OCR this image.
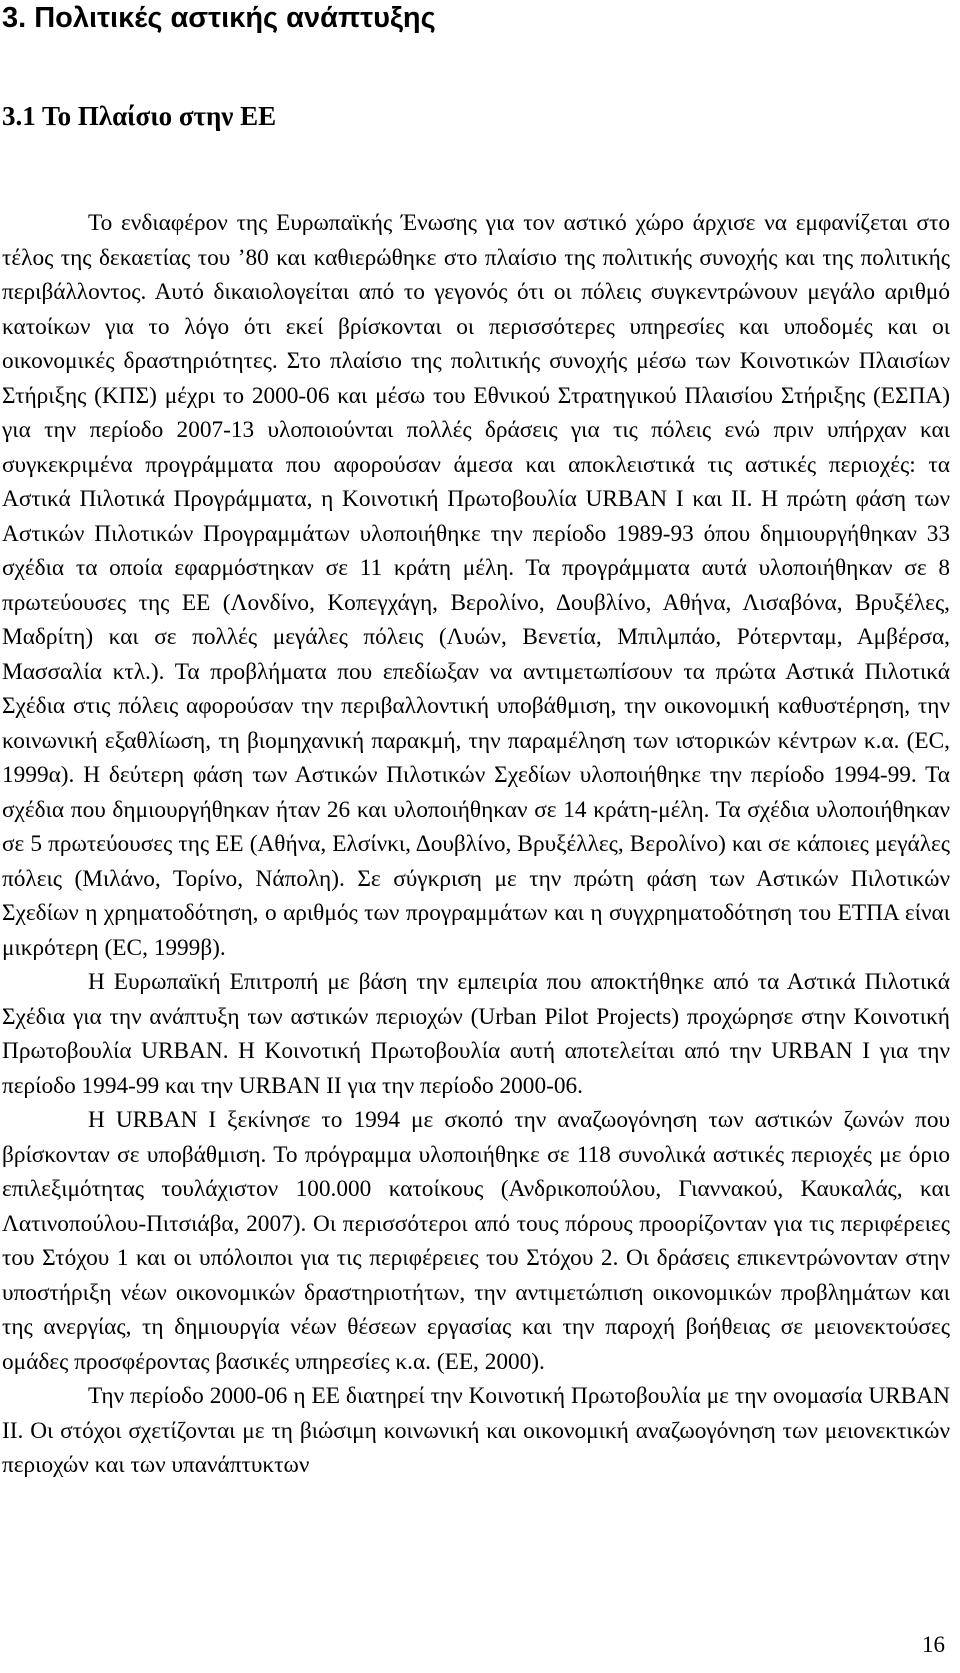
3. Πολιτικές αστικής ανάπτυξης
3.1 Το Πλαίσιο στην ΕΕ

Το ενδιαφέρον της Ευρωπαϊκής Ένωσης για τον αστικό χώρο άρχισε να εμφανίζεται στο τέλος της δεκαετίας του ’80 και καθιερώθηκε στο πλαίσιο της πολιτικής συνοχής και της πολιτικής περιβάλλοντος. Αυτό δικαιολογείται από το γεγονός ότι οι πόλεις συγκεντρώνουν μεγάλο αριθμό κατοίκων για το λόγο ότι εκεί βρίσκονται οι περισσότερες υπηρεσίες και υποδομές και οι οικονομικές δραστηριότητες. Στο πλαίσιο της πολιτικής συνοχής μέσω των Κοινοτικών Πλαισίων Στήριξης (ΚΠΣ) μέχρι το 2000-06 και μέσω του Εθνικού Στρατηγικού Πλαισίου Στήριξης (ΕΣΠΑ) για την περίοδο 2007-13 υλοποιούνται πολλές δράσεις για τις πόλεις ενώ πριν υπήρχαν και συγκεκριμένα προγράμματα που αφορούσαν άμεσα και αποκλειστικά τις αστικές περιοχές: τα Αστικά Πιλοτικά Προγράμματα, η Κοινοτική Πρωτοβουλία URBAN I και II. Η πρώτη φάση των Αστικών Πιλοτικών Προγραμμάτων υλοποιήθηκε την περίοδο 1989-93 όπου δημιουργήθηκαν 33 σχέδια τα οποία εφαρμόστηκαν σε 11 κράτη μέλη. Τα προγράμματα αυτά υλοποιήθηκαν σε 8 πρωτεύουσες της ΕΕ (Λονδίνο, Κοπεγχάγη, Βερολίνο, Δουβλίνο, Αθήνα, Λισαβόνα, Βρυξέλες, Μαδρίτη) και σε πολλές μεγάλες πόλεις (Λυών, Βενετία, Μπιλμπάο, Ρότερνταμ, Αμβέρσα, Μασσαλία κτλ.). Τα προβλήματα που επεδίωξαν να αντιμετωπίσουν τα πρώτα Αστικά Πιλοτικά Σχέδια στις πόλεις αφορούσαν την περιβαλλοντική υποβάθμιση, την οικονομική καθυστέρηση, την κοινωνική εξαθλίωση, τη βιομηχανική παρακμή, την παραμέληση των ιστορικών κέντρων κ.α. (EC, 1999α). Η δεύτερη φάση των Αστικών Πιλοτικών Σχεδίων υλοποιήθηκε την περίοδο 1994-99. Τα σχέδια που δημιουργήθηκαν ήταν 26 και υλοποιήθηκαν σε 14 κράτη-μέλη. Τα σχέδια υλοποιήθηκαν σε 5 πρωτεύουσες της ΕΕ (Αθήνα, Ελσίνκι, Δουβλίνο, Βρυξέλλες, Βερολίνο) και σε κάποιες μεγάλες πόλεις (Μιλάνο, Τορίνο, Νάπολη). Σε σύγκριση με την πρώτη φάση των Αστικών Πιλοτικών Σχεδίων η χρηματοδότηση, ο αριθμός των προγραμμάτων και η συγχρηματοδότηση του ΕΤΠΑ είναι μικρότερη (EC, 1999β).

Η Ευρωπαϊκή Επιτροπή με βάση την εμπειρία που αποκτήθηκε από τα Αστικά Πιλοτικά Σχέδια για την ανάπτυξη των αστικών περιοχών (Urban Pilot Projects) προχώρησε στην Κοινοτική Πρωτοβουλία URBAN. Η Κοινοτική Πρωτοβουλία αυτή αποτελείται από την URBAN I για την περίοδο 1994-99 και την URBAN II για την περίοδο 2000-06.

Η URBAN I ξεκίνησε το 1994 με σκοπό την αναζωογόνηση των αστικών ζωνών που βρίσκονταν σε υποβάθμιση. Το πρόγραμμα υλοποιήθηκε σε 118 συνολικά αστικές περιοχές με όριο επιλεξιμότητας τουλάχιστον 100.000 κατοίκους (Ανδρικοπούλου, Γιαννακού, Καυκαλάς, και Λατινοπούλου-Πιτσιάβα, 2007). Οι περισσότεροι από τους πόρους προορίζονταν για τις περιφέρειες του Στόχου 1 και οι υπόλοιποι για τις περιφέρειες του Στόχου 2. Οι δράσεις επικεντρώνονταν στην υποστήριξη νέων οικονομικών δραστηριοτήτων, την αντιμετώπιση οικονομικών προβλημάτων και της ανεργίας, τη δημιουργία νέων θέσεων εργασίας και την παροχή βοήθειας σε μειονεκτούσες ομάδες προσφέροντας βασικές υπηρεσίες κ.α. (ΕΕ, 2000).

Την περίοδο 2000-06 η ΕΕ διατηρεί την Κοινοτική Πρωτοβουλία με την ονομασία URBAN II. Οι στόχοι σχετίζονται με τη βιώσιμη κοινωνική και οικονομική αναζωογόνηση των μειονεκτικών περιοχών και των υπανάπτυκτων

16
